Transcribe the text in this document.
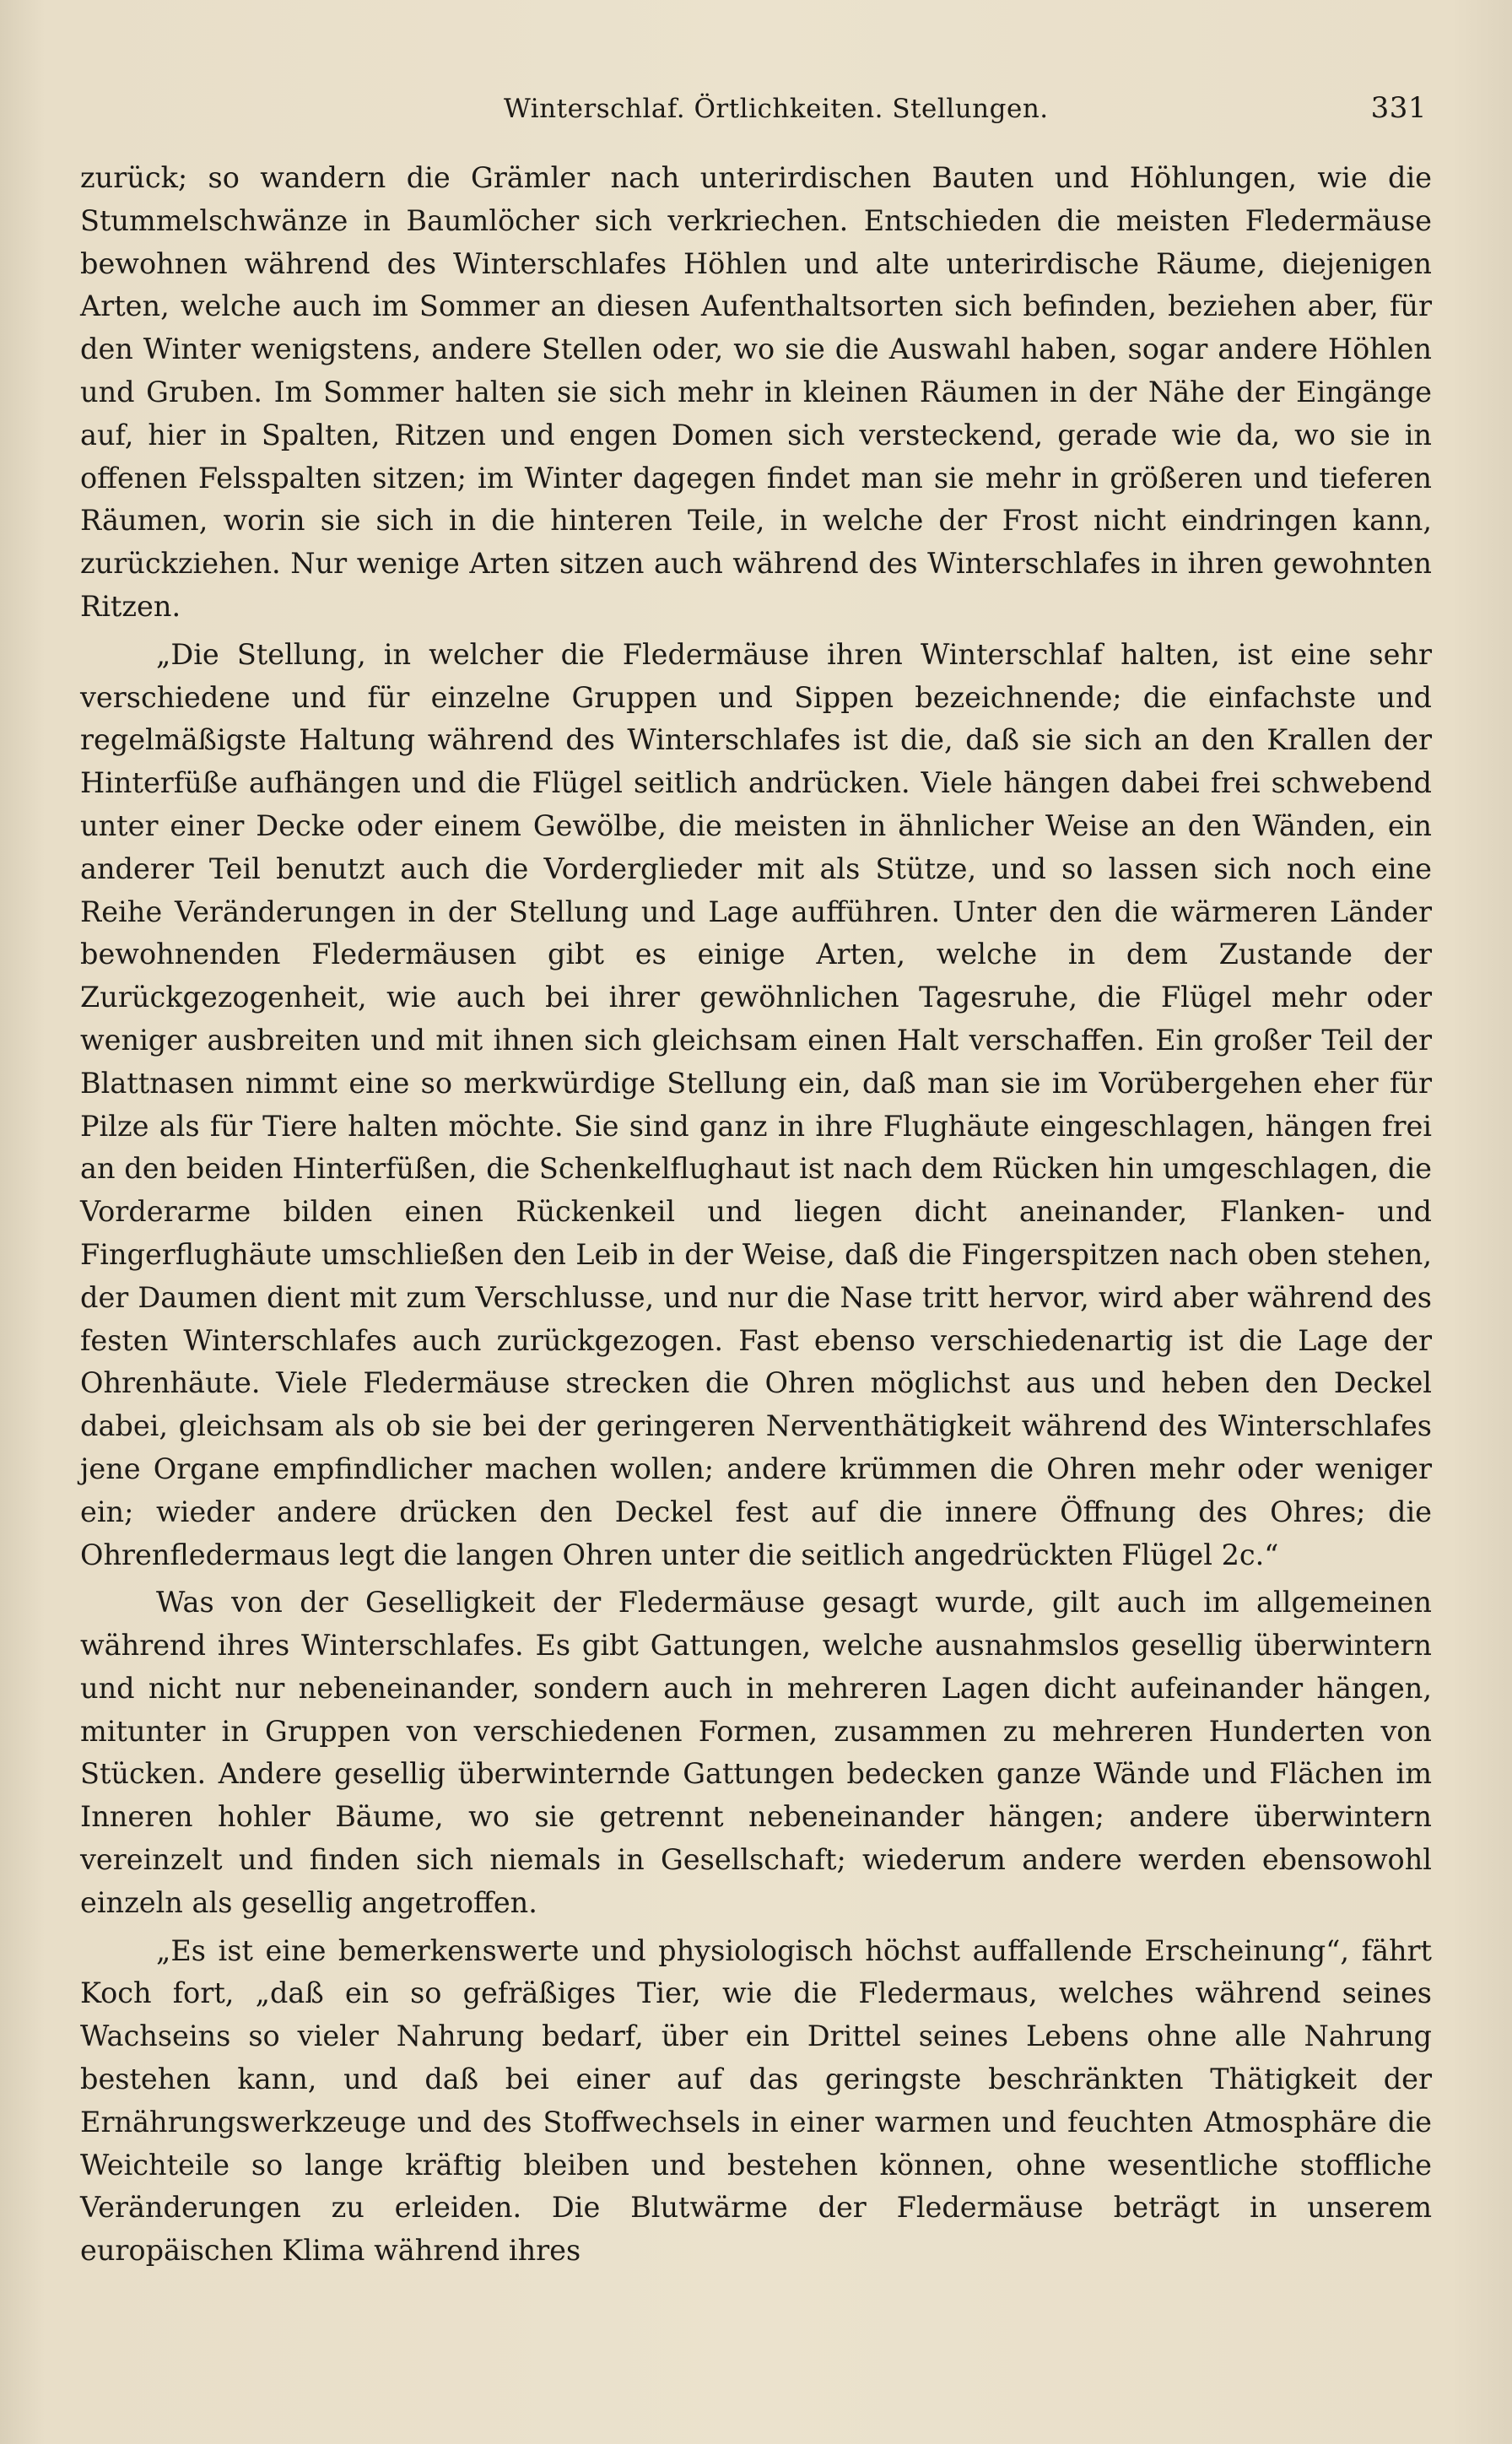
Winterschlaf. Örtlichkeiten. Stellungen.	331

zurück; so wandern die Grämler nach unterirdischen Bauten und Höhlungen, wie die Stummelschwänze in Baumlöcher sich verkriechen. Entschieden die meisten Fledermäuse bewohnen während des Winterschlafes Höhlen und alte unterirdische Räume, diejenigen Arten, welche auch im Sommer an diesen Aufenthaltsorten sich befinden, beziehen aber, für den Winter wenigstens, andere Stellen oder, wo sie die Auswahl haben, sogar andere Höhlen und Gruben. Im Sommer halten sie sich mehr in kleinen Räumen in der Nähe der Eingänge auf, hier in Spalten, Ritzen und engen Domen sich versteckend, gerade wie da, wo sie in offenen Felsspalten sitzen; im Winter dagegen findet man sie mehr in größeren und tieferen Räumen, worin sie sich in die hinteren Teile, in welche der Frost nicht eindringen kann, zurückziehen. Nur wenige Arten sitzen auch während des Winterschlafes in ihren gewohnten Ritzen.

„Die Stellung, in welcher die Fledermäuse ihren Winterschlaf halten, ist eine sehr verschiedene und für einzelne Gruppen und Sippen bezeichnende; die einfachste und regelmäßigste Haltung während des Winterschlafes ist die, daß sie sich an den Krallen der Hinterfüße aufhängen und die Flügel seitlich andrücken. Viele hängen dabei frei schwebend unter einer Decke oder einem Gewölbe, die meisten in ähnlicher Weise an den Wänden, ein anderer Teil benutzt auch die Vorderglieder mit als Stütze, und so lassen sich noch eine Reihe Veränderungen in der Stellung und Lage aufführen. Unter den die wärmeren Länder bewohnenden Fledermäusen gibt es einige Arten, welche in dem Zustande der Zurückgezogenheit, wie auch bei ihrer gewöhnlichen Tagesruhe, die Flügel mehr oder weniger ausbreiten und mit ihnen sich gleichsam einen Halt verschaffen. Ein großer Teil der Blattnasen nimmt eine so merkwürdige Stellung ein, daß man sie im Vorübergehen eher für Pilze als für Tiere halten möchte. Sie sind ganz in ihre Flughäute eingeschlagen, hängen frei an den beiden Hinterfüßen, die Schenkelflughaut ist nach dem Rücken hin umgeschlagen, die Vorderarme bilden einen Rückenkeil und liegen dicht aneinander, Flanken- und Fingerflughäute umschließen den Leib in der Weise, daß die Fingerspitzen nach oben stehen, der Daumen dient mit zum Verschlusse, und nur die Nase tritt hervor, wird aber während des festen Winterschlafes auch zurückgezogen. Fast ebenso verschiedenartig ist die Lage der Ohrenhäute. Viele Fledermäuse strecken die Ohren möglichst aus und heben den Deckel dabei, gleichsam als ob sie bei der geringeren Nerventhätigkeit während des Winterschlafes jene Organe empfindlicher machen wollen; andere krümmen die Ohren mehr oder weniger ein; wieder andere drücken den Deckel fest auf die innere Öffnung des Ohres; die Ohrenfledermaus legt die langen Ohren unter die seitlich angedrückten Flügel 2c.“

Was von der Geselligkeit der Fledermäuse gesagt wurde, gilt auch im allgemeinen während ihres Winterschlafes. Es gibt Gattungen, welche ausnahmslos gesellig überwintern und nicht nur nebeneinander, sondern auch in mehreren Lagen dicht aufeinander hängen, mitunter in Gruppen von verschiedenen Formen, zusammen zu mehreren Hunderten von Stücken. Andere gesellig überwinternde Gattungen bedecken ganze Wände und Flächen im Inneren hohler Bäume, wo sie getrennt nebeneinander hängen; andere überwintern vereinzelt und finden sich niemals in Gesellschaft; wiederum andere werden ebensowohl einzeln als gesellig angetroffen.

„Es ist eine bemerkenswerte und physiologisch höchst auffallende Erscheinung“, fährt Koch fort, „daß ein so gefräßiges Tier, wie die Fledermaus, welches während seines Wachseins so vieler Nahrung bedarf, über ein Drittel seines Lebens ohne alle Nahrung bestehen kann, und daß bei einer auf das geringste beschränkten Thätigkeit der Ernährungswerkzeuge und des Stoffwechsels in einer warmen und feuchten Atmosphäre die Weichteile so lange kräftig bleiben und bestehen können, ohne wesentliche stoffliche Veränderungen zu erleiden. Die Blutwärme der Fledermäuse beträgt in unserem europäischen Klima während ihres
